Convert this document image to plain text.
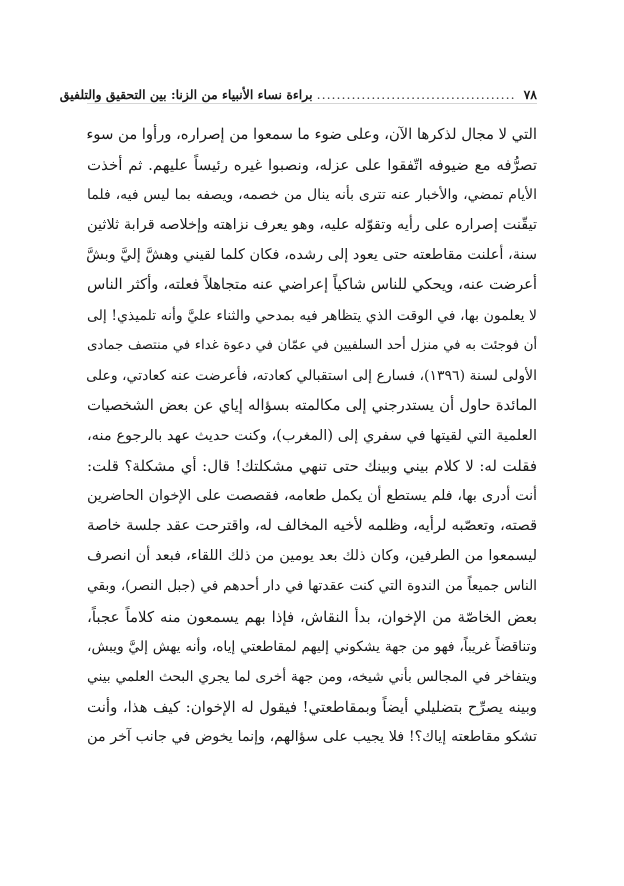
٧٨
........................................
براءة نساء الأنبياء من الزنا: بين التحقيق والتلفيق
التي لا مجال لذكرها الآن، وعلى ضوء ما سمعوا من إصراره، ورأوا من سوء
تصرُّفه مع ضيوفه اتّفقوا على عزله، ونصبوا غيره رئيساً عليهم. ثم أخذت
الأيام تمضي، والأخبار عنه تترى بأنه ينال من خصمه، ويصفه بما ليس فيه، فلما
تيقّنت إصراره على رأيه وتقوّله عليه، وهو يعرف نزاهته وإخلاصه قرابة ثلاثين
سنة، أعلنت مقاطعته حتى يعود إلى رشده، فكان كلما لقيني وهشَّ إليَّ وبشَّ
أعرضت عنه، ويحكي للناس شاكياً إعراضي عنه متجاهلاً فعلته، وأكثر الناس
لا يعلمون بها، في الوقت الذي يتظاهر فيه بمدحي والثناء عليَّ وأنه تلميذي! إلى
أن فوجئت به في منزل أحد السلفيين في عمّان في دعوة غداء في منتصف جمادى
الأولى لسنة (١٣٩٦)، فسارع إلى استقبالي كعادته، فأعرضت عنه كعادتي، وعلى
المائدة حاول أن يستدرجني إلى مكالمته بسؤاله إياي عن بعض الشخصيات
العلمية التي لقيتها في سفري إلى (المغرب)، وكنت حديث عهد بالرجوع منه،
فقلت له: لا كلام بيني وبينك حتى تنهي مشكلتك! قال: أي مشكلة؟ قلت:
أنت أدرى بها، فلم يستطع أن يكمل طعامه، فقصصت على الإخوان الحاضرين
قصته، وتعصّبه لرأيه، وظلمه لأخيه المخالف له، واقترحت عقد جلسة خاصة
ليسمعوا من الطرفين، وكان ذلك بعد يومين من ذلك اللقاء، فبعد أن انصرف
الناس جميعاً من الندوة التي كنت عقدتها في دار أحدهم في (جبل النصر)، وبقي
بعض الخاصّة من الإخوان، بدأ النقاش، فإذا بهم يسمعون منه كلاماً عجباً،
وتناقضاً غريباً، فهو من جهة يشكوني إليهم لمقاطعتي إياه، وأنه يهش إليَّ ويبش،
ويتفاخر في المجالس بأني شيخه، ومن جهة أخرى لما يجري البحث العلمي بيني
وبينه يصرِّح بتضليلي أيضاً وبمقاطعتي! فيقول له الإخوان: كيف هذا، وأنت
تشكو مقاطعته إياك؟! فلا يجيب على سؤالهم، وإنما يخوض في جانب آخر من
